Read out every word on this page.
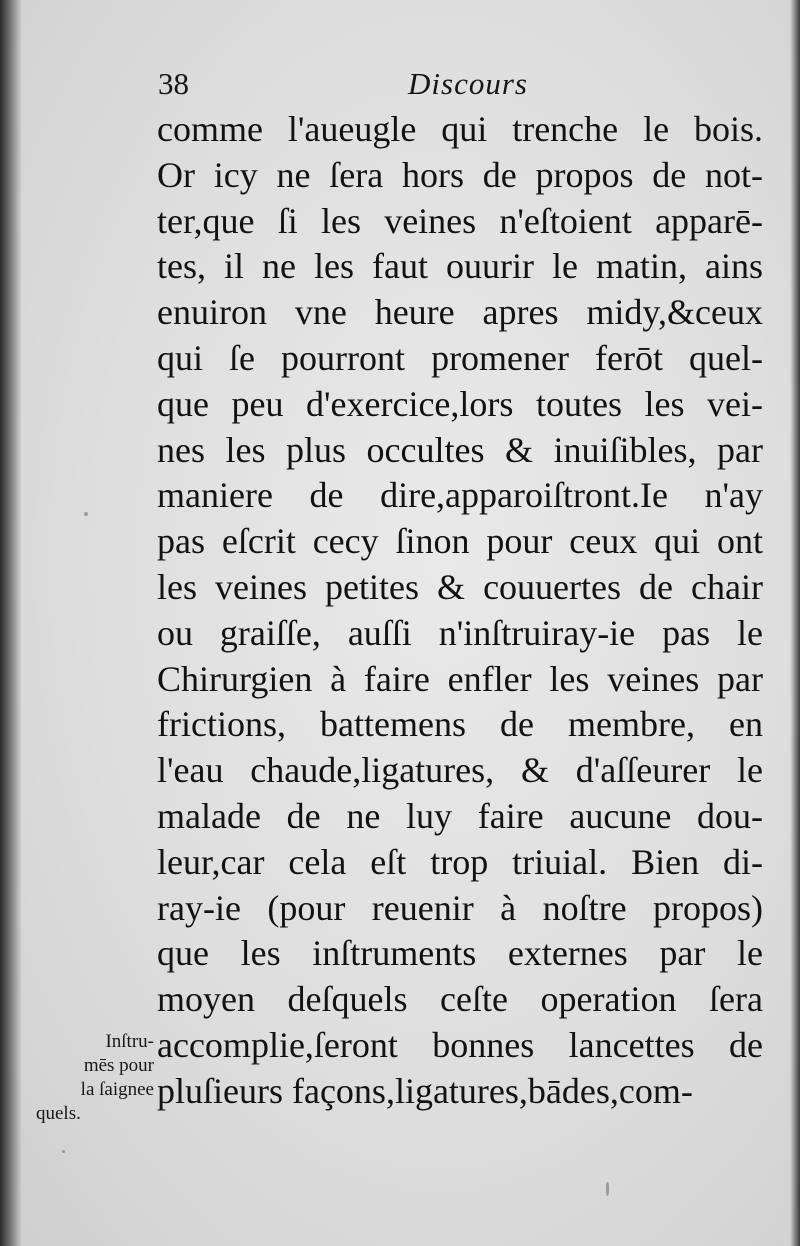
38	Discours
comme l'aueugle qui trenche le bois.
Or icy ne ſera hors de propos de not-
ter,que ſi les veines n'eſtoient apparē-
tes, il ne les faut ouurir le matin, ains
enuiron vne heure apres midy,&ceux
qui ſe pourront promener ferōt quel-
que peu d'exercice,lors toutes les vei-
nes les plus occultes & inuiſibles, par
maniere de dire,apparoiſtront.Ie n'ay
pas eſcrit cecy ſinon pour ceux qui ont
les veines petites & couuertes de chair
ou graiſſe, auſſi n'inſtruiray-ie pas le
Chirurgien à faire enfler les veines par
frictions, battemens de membre, en
l'eau chaude,ligatures, & d'aſſeurer le
malade de ne luy faire aucune dou-
leur,car cela eſt trop triuial. Bien di-
ray-ie (pour reuenir à noſtre propos)
que les inſtruments externes par le
moyen deſquels ceſte operation ſera
accomplie,ſeront bonnes lancettes de
pluſieurs façons,ligatures,bādes,com-
Inſtru-
mēs pour
la ſaignee
quels.
